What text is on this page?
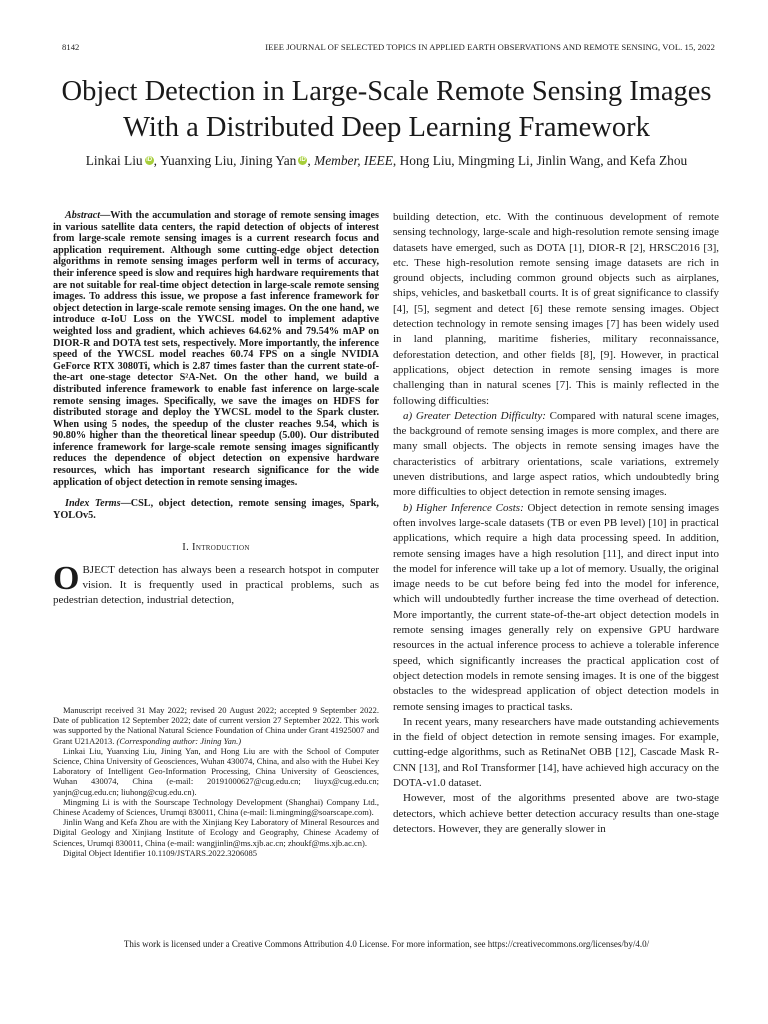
8142	IEEE JOURNAL OF SELECTED TOPICS IN APPLIED EARTH OBSERVATIONS AND REMOTE SENSING, VOL. 15, 2022
Object Detection in Large-Scale Remote Sensing Images With a Distributed Deep Learning Framework
Linkai Liu iD , Yuanxing Liu, Jining Yan iD , Member, IEEE, Hong Liu, Mingming Li, Jinlin Wang, and Kefa Zhou

Abstract—With the accumulation and storage of remote sensing images in various satellite data centers, the rapid detection of objects of interest from large-scale remote sensing images is a current research focus and application requirement. Although some cutting-edge object detection algorithms in remote sensing images perform well in terms of accuracy, their inference speed is slow and requires high hardware requirements that are not suitable for real-time object detection in large-scale remote sensing images. To address this issue, we propose a fast inference framework for object detection in large-scale remote sensing images. On the one hand, we introduce α-IoU Loss on the YWCSL model to implement adaptive weighted loss and gradient, which achieves 64.62% and 79.54% mAP on DIOR-R and DOTA test sets, respectively. More importantly, the inference speed of the YWCSL model reaches 60.74 FPS on a single NVIDIA GeForce RTX 3080Ti, which is 2.87 times faster than the current state-of-the-art one-stage detector S²A-Net. On the other hand, we build a distributed inference framework to enable fast inference on large-scale remote sensing images. Specifically, we save the images on HDFS for distributed storage and deploy the YWCSL model to the Spark cluster. When using 5 nodes, the speedup of the cluster reaches 9.54, which is 90.80% higher than the theoretical linear speedup (5.00). Our distributed inference framework for large-scale remote sensing images significantly reduces the dependence of object detection on expensive hardware resources, which has important research significance for the wide application of object detection in remote sensing images.

Index Terms—CSL, object detection, remote sensing images, Spark, YOLOv5.

I. Introduction

OBJECT detection has always been a research hotspot in computer vision. It is frequently used in practical problems, such as pedestrian detection, industrial detection,

Manuscript received 31 May 2022; revised 20 August 2022; accepted 9 September 2022. Date of publication 12 September 2022; date of current version 27 September 2022. This work was supported by the National Natural Science Foundation of China under Grant 41925007 and Grant U21A2013. (Corresponding author: Jining Yan.)

Linkai Liu, Yuanxing Liu, Jining Yan, and Hong Liu are with the School of Computer Science, China University of Geosciences, Wuhan 430074, China, and also with the Hubei Key Laboratory of Intelligent Geo-Information Processing, China University of Geosciences, Wuhan 430074, China (e-mail: 20191000627@cug.edu.cn; liuyx@cug.edu.cn; yanjn@cug.edu.cn; liuhong@cug.edu.cn).

Mingming Li is with the Sourscape Technology Development (Shanghai) Company Ltd., Chinese Academy of Sciences, Urumqi 830011, China (e-mail: li.mingming@soarscape.com).

Jinlin Wang and Kefa Zhou are with the Xinjiang Key Laboratory of Mineral Resources and Digital Geology and Xinjiang Institute of Ecology and Geography, Chinese Academy of Sciences, Urumqi 830011, China (e-mail: wangjinlin@ms.xjb.ac.cn; zhoukf@ms.xjb.ac.cn).

Digital Object Identifier 10.1109/JSTARS.2022.3206085

building detection, etc. With the continuous development of remote sensing technology, large-scale and high-resolution remote sensing image datasets have emerged, such as DOTA [1], DIOR-R [2], HRSC2016 [3], etc. These high-resolution remote sensing image datasets are rich in ground objects, including common ground objects such as airplanes, ships, vehicles, and basketball courts. It is of great significance to classify [4], [5], segment and detect [6] these remote sensing images. Object detection technology in remote sensing images [7] has been widely used in land planning, maritime fisheries, military reconnaissance, deforestation detection, and other fields [8], [9]. However, in practical applications, object detection in remote sensing images is more challenging than in natural scenes [7]. This is mainly reflected in the following difficulties:

a) Greater Detection Difficulty: Compared with natural scene images, the background of remote sensing images is more complex, and there are many small objects. The objects in remote sensing images have the characteristics of arbitrary orientations, scale variations, extremely uneven distributions, and large aspect ratios, which undoubtedly bring more difficulties to object detection in remote sensing images.

b) Higher Inference Costs: Object detection in remote sensing images often involves large-scale datasets (TB or even PB level) [10] in practical applications, which require a high data processing speed. In addition, remote sensing images have a high resolution [11], and direct input into the model for inference will take up a lot of memory. Usually, the original image needs to be cut before being fed into the model for inference, which will undoubtedly further increase the time overhead of detection. More importantly, the current state-of-the-art object detection models in remote sensing images generally rely on expensive GPU hardware resources in the actual inference process to achieve a tolerable inference speed, which significantly increases the practical application cost of object detection models in remote sensing images. It is one of the biggest obstacles to the widespread application of object detection models in remote sensing images to practical tasks.

In recent years, many researchers have made outstanding achievements in the field of object detection in remote sensing images. For example, cutting-edge algorithms, such as RetinaNet OBB [12], Cascade Mask R-CNN [13], and RoI Transformer [14], have achieved high accuracy on the DOTA-v1.0 dataset.

However, most of the algorithms presented above are two-stage detectors, which achieve better detection accuracy results than one-stage detectors. However, they are generally slower in

This work is licensed under a Creative Commons Attribution 4.0 License. For more information, see https://creativecommons.org/licenses/by/4.0/
